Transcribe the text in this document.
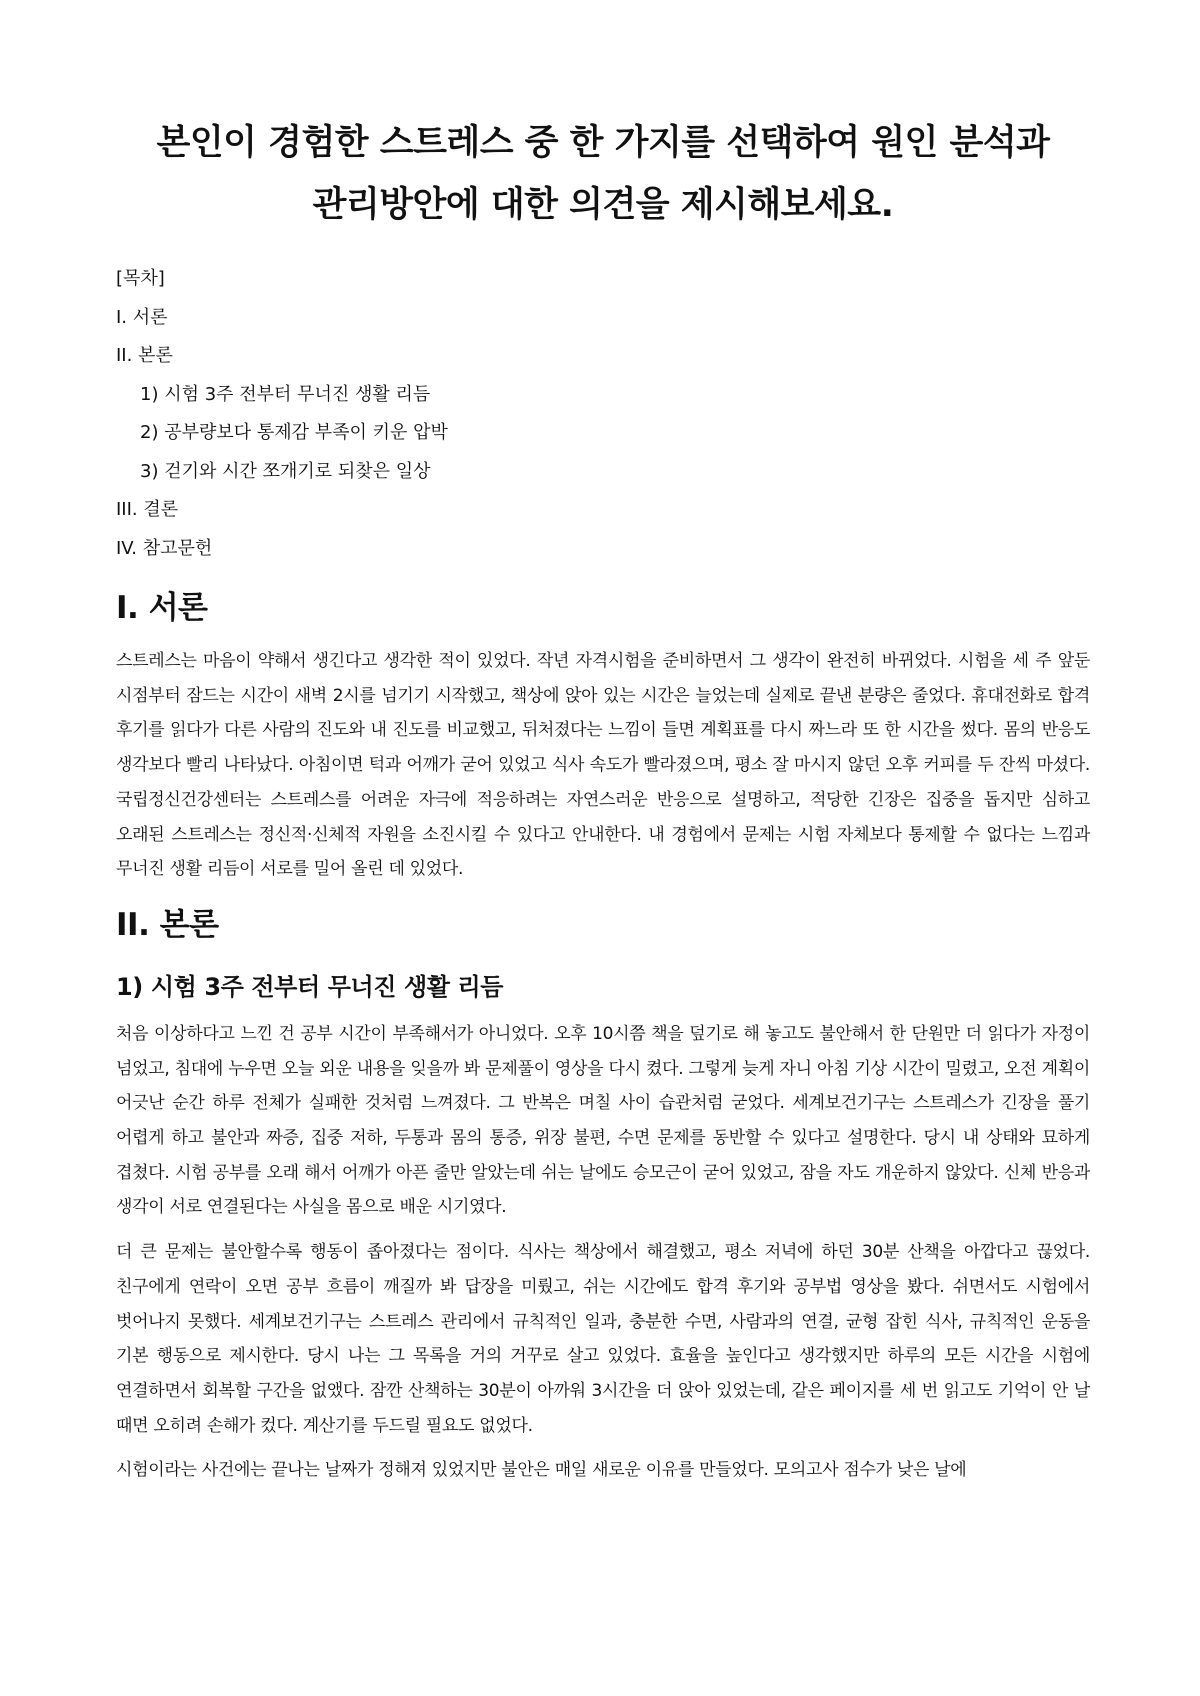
본인이 경험한 스트레스 중 한 가지를 선택하여 원인 분석과 관리방안에 대한 의견을 제시해보세요.
[목차]
I. 서론
II. 본론
1) 시험 3주 전부터 무너진 생활 리듬
2) 공부량보다 통제감 부족이 키운 압박
3) 걷기와 시간 쪼개기로 되찾은 일상
III. 결론
IV. 참고문헌
I. 서론

스트레스는 마음이 약해서 생긴다고 생각한 적이 있었다. 작년 자격시험을 준비하면서 그 생각이 완전히 바뀌었다. 시험을 세 주 앞둔 시점부터 잠드는 시간이 새벽 2시를 넘기기 시작했고, 책상에 앉아 있는 시간은 늘었는데 실제로 끝낸 분량은 줄었다. 휴대전화로 합격 후기를 읽다가 다른 사람의 진도와 내 진도를 비교했고, 뒤처졌다는 느낌이 들면 계획표를 다시 짜느라 또 한 시간을 썼다. 몸의 반응도 생각보다 빨리 나타났다. 아침이면 턱과 어깨가 굳어 있었고 식사 속도가 빨라졌으며, 평소 잘 마시지 않던 오후 커피를 두 잔씩 마셨다. 국립정신건강센터는 스트레스를 어려운 자극에 적응하려는 자연스러운 반응으로 설명하고, 적당한 긴장은 집중을 돕지만 심하고 오래된 스트레스는 정신적·신체적 자원을 소진시킬 수 있다고 안내한다. 내 경험에서 문제는 시험 자체보다 통제할 수 없다는 느낌과 무너진 생활 리듬이 서로를 밀어 올린 데 있었다.

II. 본론
1) 시험 3주 전부터 무너진 생활 리듬

처음 이상하다고 느낀 건 공부 시간이 부족해서가 아니었다. 오후 10시쯤 책을 덮기로 해 놓고도 불안해서 한 단원만 더 읽다가 자정이 넘었고, 침대에 누우면 오늘 외운 내용을 잊을까 봐 문제풀이 영상을 다시 켰다. 그렇게 늦게 자니 아침 기상 시간이 밀렸고, 오전 계획이 어긋난 순간 하루 전체가 실패한 것처럼 느껴졌다. 그 반복은 며칠 사이 습관처럼 굳었다. 세계보건기구는 스트레스가 긴장을 풀기 어렵게 하고 불안과 짜증, 집중 저하, 두통과 몸의 통증, 위장 불편, 수면 문제를 동반할 수 있다고 설명한다. 당시 내 상태와 묘하게 겹쳤다. 시험 공부를 오래 해서 어깨가 아픈 줄만 알았는데 쉬는 날에도 승모근이 굳어 있었고, 잠을 자도 개운하지 않았다. 신체 반응과 생각이 서로 연결된다는 사실을 몸으로 배운 시기였다.

더 큰 문제는 불안할수록 행동이 좁아졌다는 점이다. 식사는 책상에서 해결했고, 평소 저녁에 하던 30분 산책을 아깝다고 끊었다. 친구에게 연락이 오면 공부 흐름이 깨질까 봐 답장을 미뤘고, 쉬는 시간에도 합격 후기와 공부법 영상을 봤다. 쉬면서도 시험에서 벗어나지 못했다. 세계보건기구는 스트레스 관리에서 규칙적인 일과, 충분한 수면, 사람과의 연결, 균형 잡힌 식사, 규칙적인 운동을 기본 행동으로 제시한다. 당시 나는 그 목록을 거의 거꾸로 살고 있었다. 효율을 높인다고 생각했지만 하루의 모든 시간을 시험에 연결하면서 회복할 구간을 없앴다. 잠깐 산책하는 30분이 아까워 3시간을 더 앉아 있었는데, 같은 페이지를 세 번 읽고도 기억이 안 날 때면 오히려 손해가 컸다. 계산기를 두드릴 필요도 없었다.

시험이라는 사건에는 끝나는 날짜가 정해져 있었지만 불안은 매일 새로운 이유를 만들었다. 모의고사 점수가 낮은 날에
